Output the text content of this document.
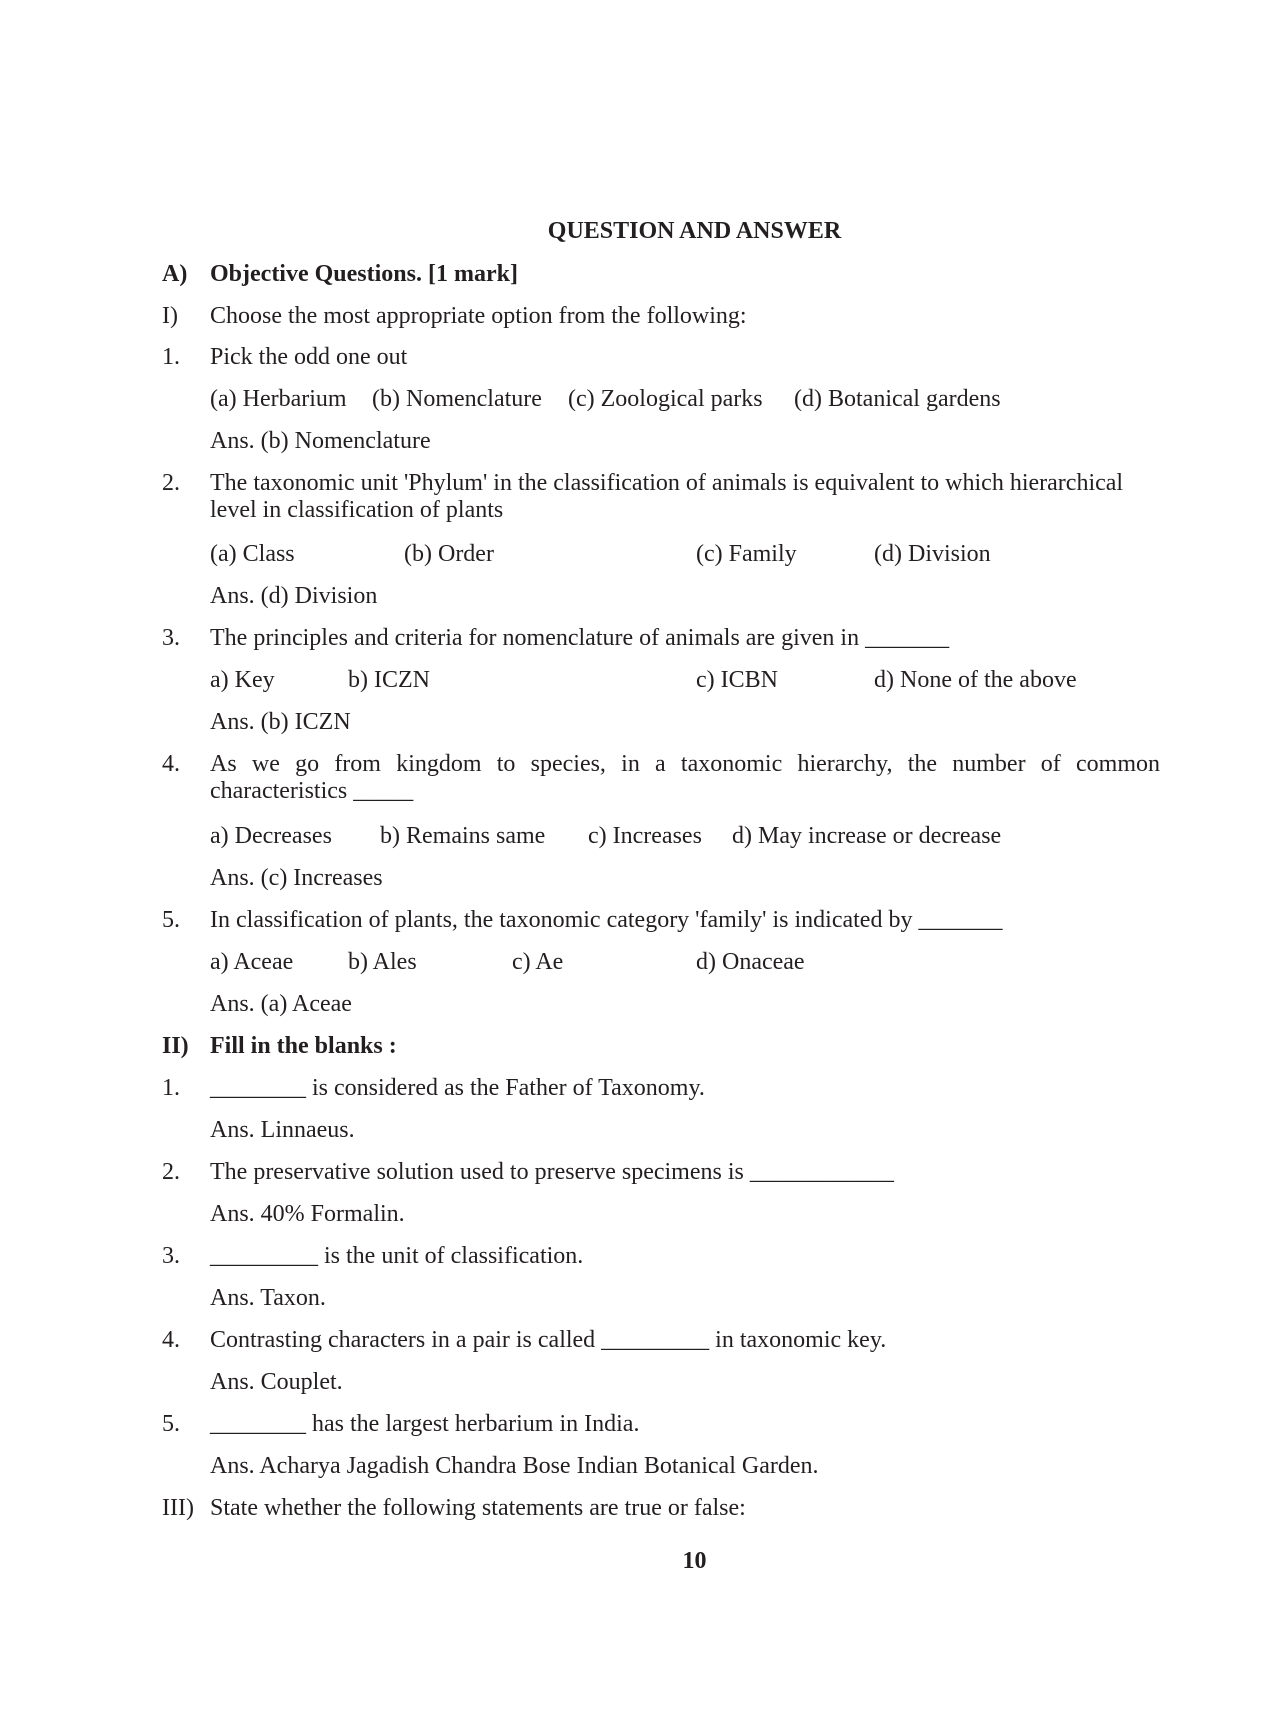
QUESTION AND ANSWER
A) Objective Questions. [1 mark]
I) Choose the most appropriate option from the following:
1. Pick the odd one out
(a) Herbarium (b) Nomenclature (c) Zoological parks (d) Botanical gardens
Ans. (b) Nomenclature
2. The taxonomic unit 'Phylum' in the classification of animals is equivalent to which hierarchical level in classification of plants
(a) Class	(b) Order	(c) Family	(d) Division
Ans. (d) Division
3. The principles and criteria for nomenclature of animals are given in _______
a) Key	b) ICZN	c) ICBN	d) None of the above
Ans. (b) ICZN
4. As we go from kingdom to species, in a taxonomic hierarchy, the number of common characteristics _____
a) Decreases b) Remains same c) Increases d) May increase or decrease
Ans. (c) Increases
5. In classification of plants, the taxonomic category 'family' is indicated by _______
a) Aceae b) Ales	c) Ae	d) Onaceae
Ans. (a) Aceae
II) Fill in the blanks :
1. ________ is considered as the Father of Taxonomy.
Ans. Linnaeus.
2. The preservative solution used to preserve specimens is ____________
Ans. 40% Formalin.
3. _________ is the unit of classification.
Ans. Taxon.
4. Contrasting characters in a pair is called _________ in taxonomic key.
Ans. Couplet.
5. ________ has the largest herbarium in India.
Ans. Acharya Jagadish Chandra Bose Indian Botanical Garden.
III) State whether the following statements are true or false:
10
